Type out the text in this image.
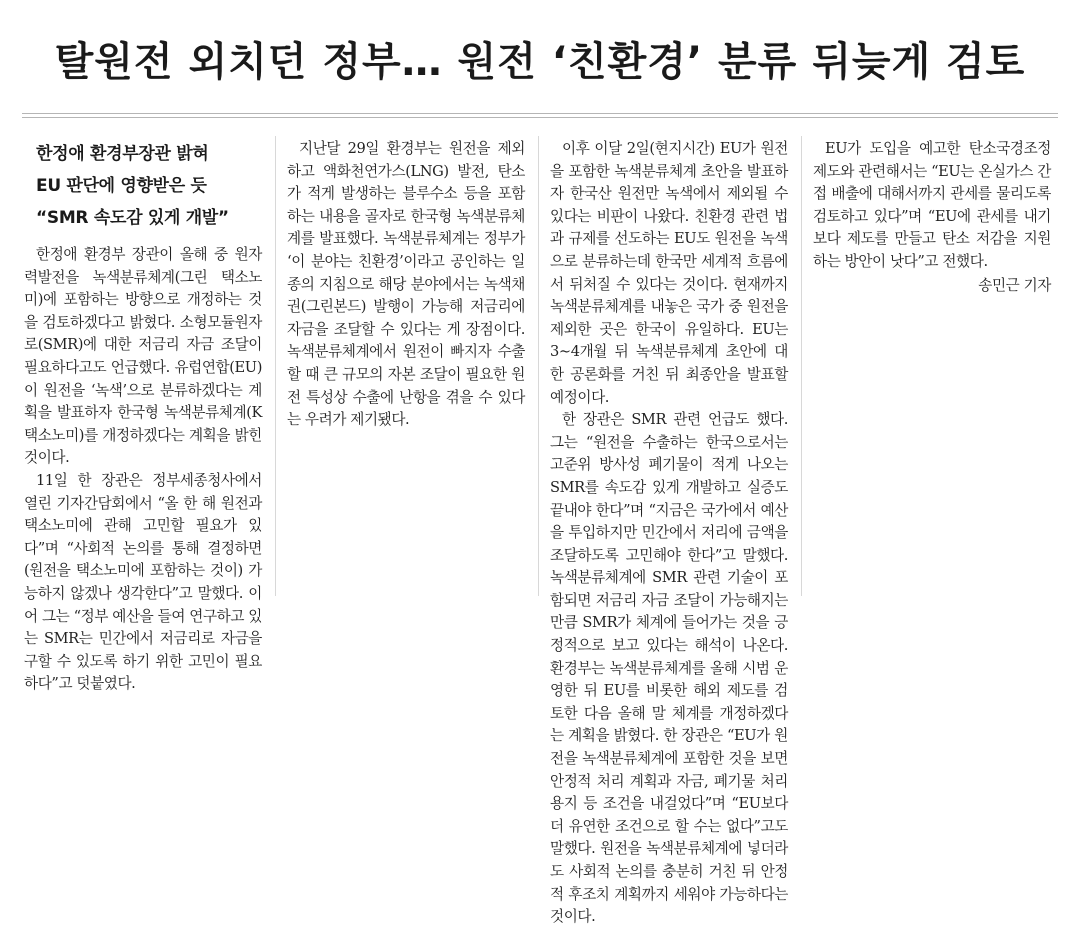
탈원전 외치던 정부… 원전 ‘친환경’ 분류 뒤늦게 검토
한정애 환경부장관 밝혀
EU 판단에 영향받은 듯
“SMR 속도감 있게 개발”

한정애 환경부 장관이 올해 중 원자력발전을 녹색분류체계(그린 택소노미)에 포함하는 방향으로 개정하는 것을 검토하겠다고 밝혔다. 소형모듈원자로(SMR)에 대한 저금리 자금 조달이 필요하다고도 언급했다. 유럽연합(EU)이 원전을 ‘녹색’으로 분류하겠다는 계획을 발표하자 한국형 녹색분류체계(K택소노미)를 개정하겠다는 계획을 밝힌 것이다.

11일 한 장관은 정부세종청사에서 열린 기자간담회에서 “올 한 해 원전과 택소노미에 관해 고민할 필요가 있다”며 “사회적 논의를 통해 결정하면 (원전을 택소노미에 포함하는 것이) 가능하지 않겠나 생각한다”고 말했다. 이어 그는 “정부 예산을 들여 연구하고 있는 SMR는 민간에서 저금리로 자금을 구할 수 있도록 하기 위한 고민이 필요하다”고 덧붙였다.

지난달 29일 환경부는 원전을 제외하고 액화천연가스(LNG) 발전, 탄소가 적게 발생하는 블루수소 등을 포함하는 내용을 골자로 한국형 녹색분류체계를 발표했다. 녹색분류체계는 정부가 ‘이 분야는 친환경’이라고 공인하는 일종의 지침으로 해당 분야에서는 녹색채권(그린본드) 발행이 가능해 저금리에 자금을 조달할 수 있다는 게 장점이다. 녹색분류체계에서 원전이 빠지자 수출할 때 큰 규모의 자본 조달이 필요한 원전 특성상 수출에 난항을 겪을 수 있다는 우려가 제기됐다.

이후 이달 2일(현지시간) EU가 원전을 포함한 녹색분류체계 초안을 발표하자 한국산 원전만 녹색에서 제외될 수 있다는 비판이 나왔다. 친환경 관련 법과 규제를 선도하는 EU도 원전을 녹색으로 분류하는데 한국만 세계적 흐름에서 뒤처질 수 있다는 것이다. 현재까지 녹색분류체계를 내놓은 국가 중 원전을 제외한 곳은 한국이 유일하다. EU는 3∼4개월 뒤 녹색분류체계 초안에 대한 공론화를 거친 뒤 최종안을 발표할 예정이다.

한 장관은 SMR 관련 언급도 했다. 그는 “원전을 수출하는 한국으로서는 고준위 방사성 폐기물이 적게 나오는 SMR를 속도감 있게 개발하고 실증도 끝내야 한다”며 “지금은 국가에서 예산을 투입하지만 민간에서 저리에 금액을 조달하도록 고민해야 한다”고 말했다. 녹색분류체계에 SMR 관련 기술이 포함되면 저금리 자금 조달이 가능해지는 만큼 SMR가 체계에 들어가는 것을 긍정적으로 보고 있다는 해석이 나온다. 환경부는 녹색분류체계를 올해 시범 운영한 뒤 EU를 비롯한 해외 제도를 검토한 다음 올해 말 체계를 개정하겠다는 계획을 밝혔다. 한 장관은 “EU가 원전을 녹색분류체계에 포함한 것을 보면 안정적 처리 계획과 자금, 폐기물 처리 용지 등 조건을 내걸었다”며 “EU보다 더 유연한 조건으로 할 수는 없다”고도 말했다. 원전을 녹색분류체계에 넣더라도 사회적 논의를 충분히 거친 뒤 안정적 후조치 계획까지 세워야 가능하다는 것이다.

EU가 도입을 예고한 탄소국경조정제도와 관련해서는 “EU는 온실가스 간접 배출에 대해서까지 관세를 물리도록 검토하고 있다”며 “EU에 관세를 내기보다 제도를 만들고 탄소 저감을 지원하는 방안이 낫다”고 전했다.

송민근 기자
